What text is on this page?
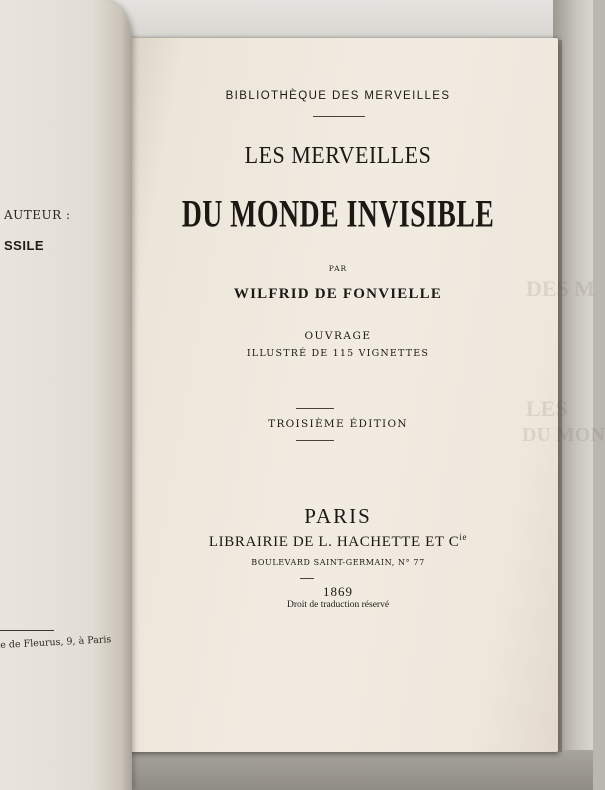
DES M
LES
DU MON
BIBLIOTHÈQUE DES MERVEILLES
LES MERVEILLES
DU MONDE INVISIBLE
PAR
WILFRID DE FONVIELLE
OUVRAGE
ILLUSTRÉ DE 115 VIGNETTES
TROISIÈME ÉDITION
PARIS
LIBRAIRIE DE L. HACHETTE ET $C^{ie}$
BOULEVARD SAINT-GERMAIN, N° 77
1869
Droit de traduction réservé
AUTEUR :
SSILE
e de Fleurus, 9, à Paris
